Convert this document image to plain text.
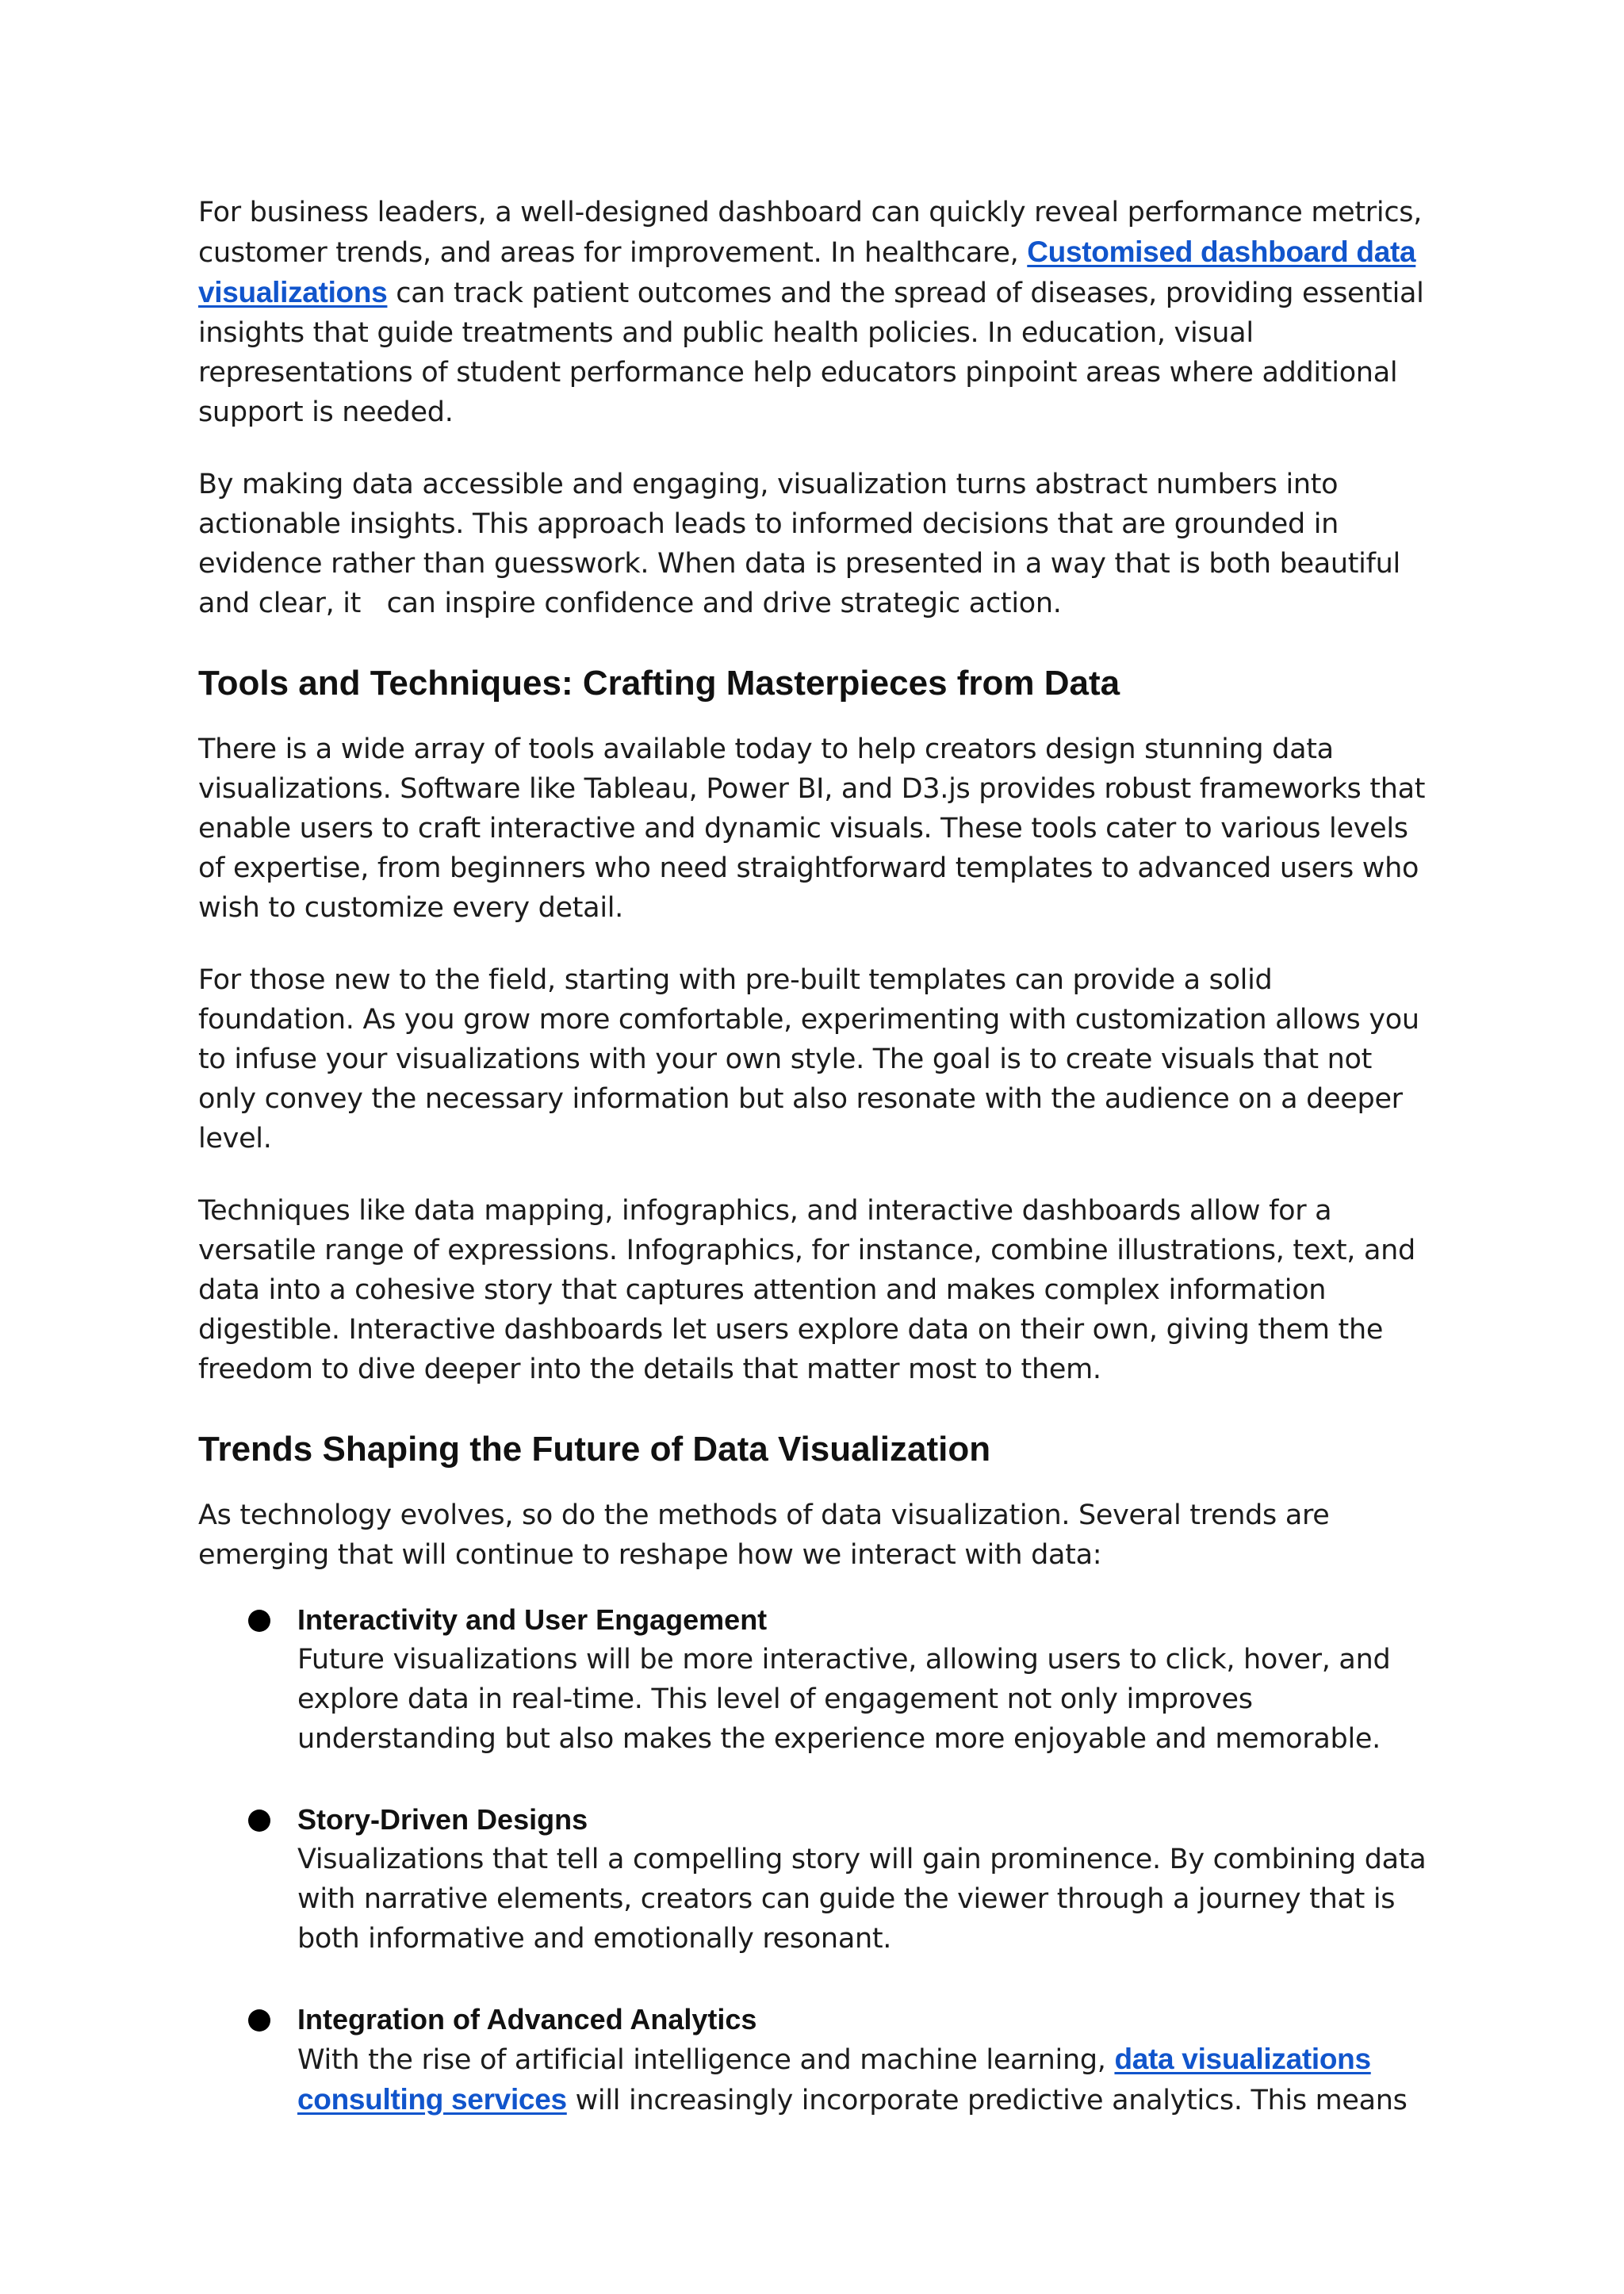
For business leaders, a well-designed dashboard can quickly reveal performance metrics, customer trends, and areas for improvement. In healthcare, Customised dashboard data visualizations can track patient outcomes and the spread of diseases, providing essential insights that guide treatments and public health policies. In education, visual representations of student performance help educators pinpoint areas where additional support is needed.

By making data accessible and engaging, visualization turns abstract numbers into actionable insights. This approach leads to informed decisions that are grounded in evidence rather than guesswork. When data is presented in a way that is both beautiful and clear, it   can inspire confidence and drive strategic action.

Tools and Techniques: Crafting Masterpieces from Data

There is a wide array of tools available today to help creators design stunning data visualizations. Software like Tableau, Power BI, and D3.js provides robust frameworks that enable users to craft interactive and dynamic visuals. These tools cater to various levels of expertise, from beginners who need straightforward templates to advanced users who wish to customize every detail.

For those new to the field, starting with pre-built templates can provide a solid foundation. As you grow more comfortable, experimenting with customization allows you to infuse your visualizations with your own style. The goal is to create visuals that not only convey the necessary information but also resonate with the audience on a deeper level.

Techniques like data mapping, infographics, and interactive dashboards allow for a versatile range of expressions. Infographics, for instance, combine illustrations, text, and data into a cohesive story that captures attention and makes complex information digestible. Interactive dashboards let users explore data on their own, giving them the freedom to dive deeper into the details that matter most to them.

Trends Shaping the Future of Data Visualization

As technology evolves, so do the methods of data visualization. Several trends are emerging that will continue to reshape how we interact with data:

Interactivity and User Engagement

Future visualizations will be more interactive, allowing users to click, hover, and explore data in real-time. This level of engagement not only improves understanding but also makes the experience more enjoyable and memorable.

Story-Driven Designs

Visualizations that tell a compelling story will gain prominence. By combining data with narrative elements, creators can guide the viewer through a journey that is both informative and emotionally resonant.

Integration of Advanced Analytics

With the rise of artificial intelligence and machine learning, data visualizations consulting services will increasingly incorporate predictive analytics. This means
